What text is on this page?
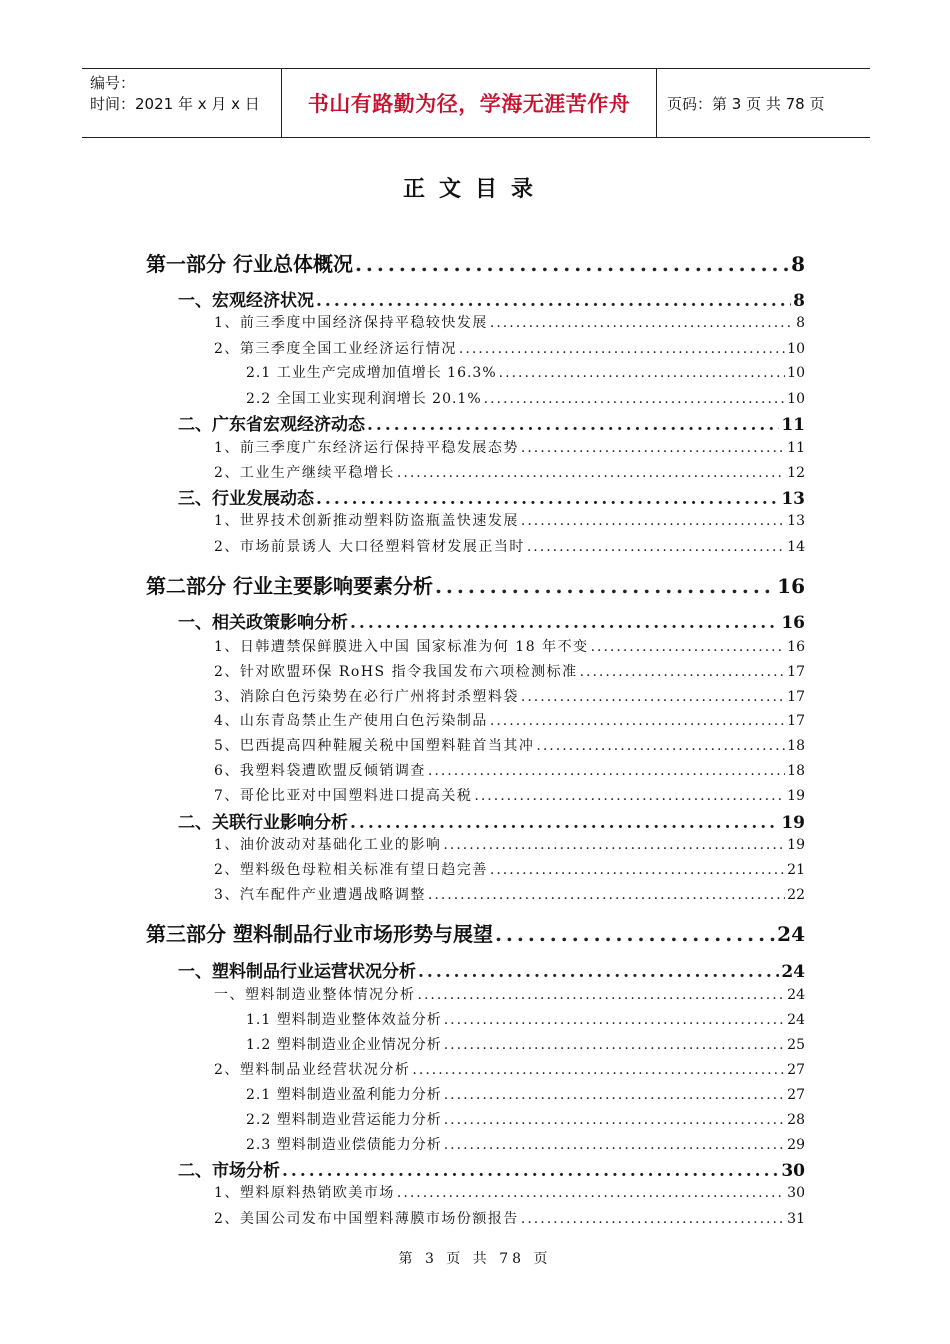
编号：
时间：2021 年 x 月 x 日	书山有路勤为径，学海无涯苦作舟	页码：第 3 页 共 78 页
正文目录
第一部分 行业总体概况 .....	8
一、宏观经济状况 .....	8
1、前三季度中国经济保持平稳较快发展 .....	8
2、第三季度全国工业经济运行情况 .....	10
2.1 工业生产完成增加值增长 16.3% .....	10
2.2 全国工业实现利润增长 20.1% .....	10
二、广东省宏观经济动态 .....	11
1、前三季度广东经济运行保持平稳发展态势 .....	11
2、工业生产继续平稳增长 .....	12
三、行业发展动态 .....	13
1、世界技术创新推动塑料防盗瓶盖快速发展 .....	13
2、市场前景诱人 大口径塑料管材发展正当时 .....	14
第二部分 行业主要影响要素分析 .....	16
一、相关政策影响分析 .....	16
1、日韩遭禁保鲜膜进入中国 国家标准为何 18 年不变 .....	16
2、针对欧盟环保 RoHS 指令我国发布六项检测标准 .....	17
3、消除白色污染势在必行广州将封杀塑料袋 .....	17
4、山东青岛禁止生产使用白色污染制品 .....	17
5、巴西提高四种鞋履关税中国塑料鞋首当其冲 .....	18
6、我塑料袋遭欧盟反倾销调查 .....	18
7、哥伦比亚对中国塑料进口提高关税 .....	19
二、关联行业影响分析 .....	19
1、油价波动对基础化工业的影响 .....	19
2、塑料级色母粒相关标准有望日趋完善 .....	21
3、汽车配件产业遭遇战略调整 .....	22
第三部分 塑料制品行业市场形势与展望 .....	24
一、塑料制品行业运营状况分析 .....	24
一、塑料制造业整体情况分析 .....	24
1.1 塑料制造业整体效益分析 .....	24
1.2 塑料制造业企业情况分析 .....	25
2、塑料制品业经营状况分析 .....	27
2.1 塑料制造业盈利能力分析 .....	27
2.2 塑料制造业营运能力分析 .....	28
2.3 塑料制造业偿债能力分析 .....	29
二、市场分析 .....	30
1、塑料原料热销欧美市场 .....	30
2、美国公司发布中国塑料薄膜市场份额报告 .....	31
第 3 页 共 78 页
